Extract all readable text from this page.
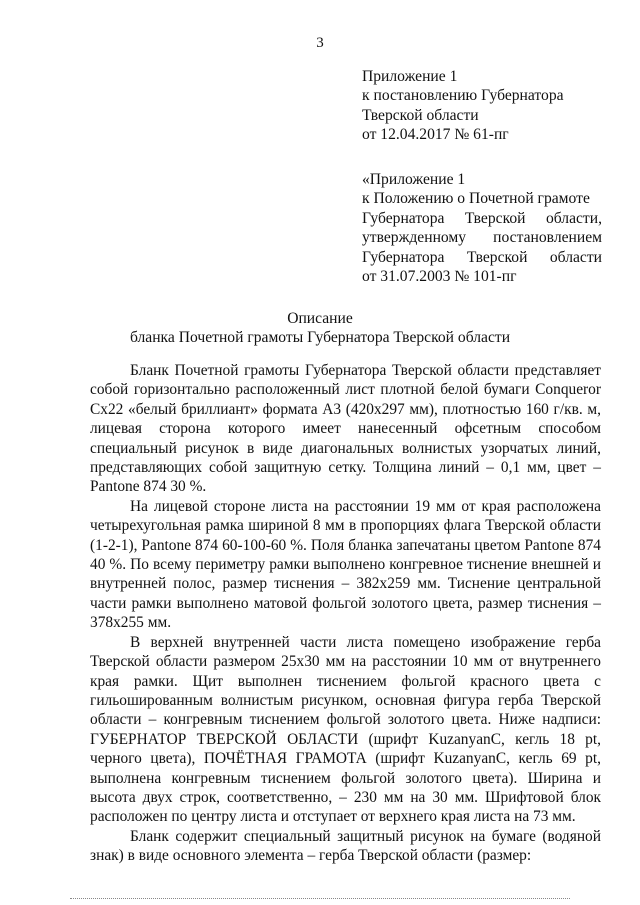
3
Приложение 1
к постановлению Губернатора
Тверской области
от 12.04.2017 № 61-пг
«Приложение 1
к Положению о Почетной грамоте
Губернатора Тверской области,
утвержденному постановлением
Губернатора Тверской области
от 31.07.2003 № 101-пг
Описание
бланка Почетной грамоты Губернатора Тверской области

Бланк Почетной грамоты Губернатора Тверской области представляет собой горизонтально расположенный лист плотной белой бумаги Conqueror Cx22 «белый бриллиант» формата А3 (420x297 мм), плотностью 160 г/кв. м, лицевая сторона которого имеет нанесенный офсетным способом специальный рисунок в виде диагональных волнистых узорчатых линий, представляющих собой защитную сетку. Толщина линий – 0,1 мм, цвет – Pantone 874 30 %.

На лицевой стороне листа на расстоянии 19 мм от края расположена четырехугольная рамка шириной 8 мм в пропорциях флага Тверской области (1-2-1), Pantone 874 60-100-60 %. Поля бланка запечатаны цветом Pantone 874 40 %. По всему периметру рамки выполнено конгревное тиснение внешней и внутренней полос, размер тиснения – 382x259 мм. Тиснение центральной части рамки выполнено матовой фольгой золотого цвета, размер тиснения – 378x255 мм.

В верхней внутренней части листа помещено изображение герба Тверской области размером 25x30 мм на расстоянии 10 мм от внутреннего края рамки. Щит выполнен тиснением фольгой красного цвета с гильоширoванным волнистым рисунком, основная фигура герба Тверской области – конгревным тиснением фольгой золотого цвета. Ниже надписи: ГУБЕРНАТОР ТВЕРСКОЙ ОБЛАСТИ (шрифт KuzanyanC, кегль 18 pt, черного цвета), ПОЧЁТНАЯ ГРАМОТА (шрифт KuzanyanC, кегль 69 pt, выполнена конгревным тиснением фольгой золотого цвета). Ширина и высота двух строк, соответственно, – 230 мм на 30 мм. Шрифтовой блок расположен по центру листа и отступает от верхнего края листа на 73 мм.

Бланк содержит специальный защитный рисунок на бумаге (водяной знак) в виде основного элемента – герба Тверской области (размер:
